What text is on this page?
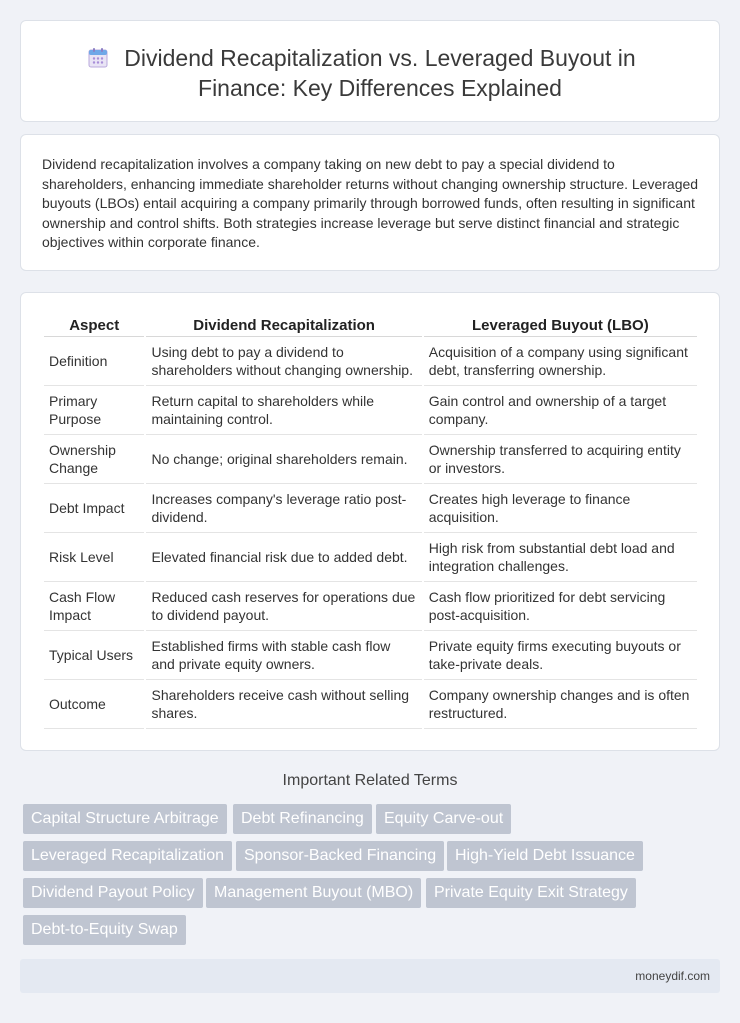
Dividend Recapitalization vs. Leveraged Buyout in Finance: Key Differences Explained

Dividend recapitalization involves a company taking on new debt to pay a special dividend to shareholders, enhancing immediate shareholder returns without changing ownership structure. Leveraged buyouts (LBOs) entail acquiring a company primarily through borrowed funds, often resulting in significant ownership and control shifts. Both strategies increase leverage but serve distinct financial and strategic objectives within corporate finance.

Aspect	Dividend Recapitalization	Leveraged Buyout (LBO)
Definition	Using debt to pay a dividend to shareholders without changing ownership.	Acquisition of a company using significant debt, transferring ownership.
Primary Purpose	Return capital to shareholders while maintaining control.	Gain control and ownership of a target company.
Ownership Change	No change; original shareholders remain.	Ownership transferred to acquiring entity or investors.
Debt Impact	Increases company's leverage ratio post-dividend.	Creates high leverage to finance acquisition.
Risk Level	Elevated financial risk due to added debt.	High risk from substantial debt load and integration challenges.
Cash Flow Impact	Reduced cash reserves for operations due to dividend payout.	Cash flow prioritized for debt servicing post-acquisition.
Typical Users	Established firms with stable cash flow and private equity owners.	Private equity firms executing buyouts or take-private deals.
Outcome	Shareholders receive cash without selling shares.	Company ownership changes and is often restructured.
Important Related Terms
Capital Structure Arbitrage	Debt Refinancing	Equity Carve-out
Leveraged Recapitalization	Sponsor-Backed Financing	High-Yield Debt Issuance
Dividend Payout Policy	Management Buyout (MBO)	Private Equity Exit Strategy
Debt-to-Equity Swap
moneydif.com
